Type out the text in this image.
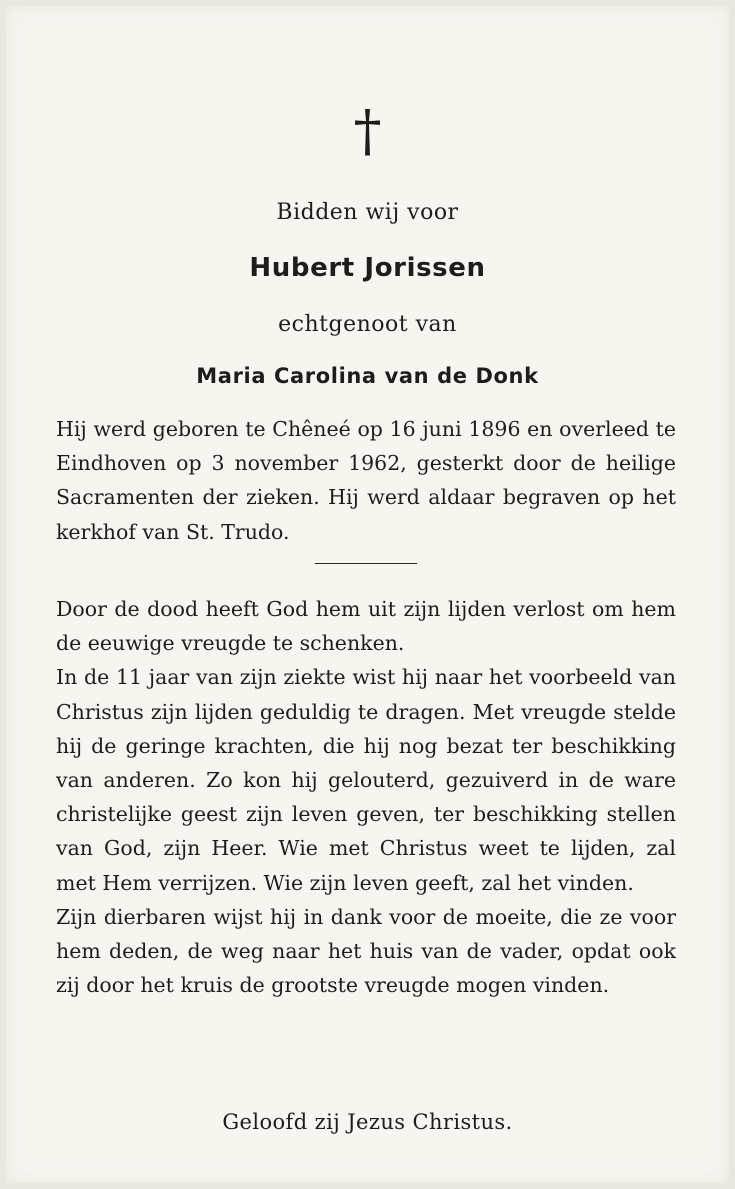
†
Bidden wij voor
Hubert Jorissen
echtgenoot van
Maria Carolina van de Donk
Hij werd geboren te Chêneé op 16 juni 1896 en overleed te Eindhoven op 3 november 1962, gesterkt door de heilige Sacramenten der zieken. Hij werd aldaar begraven op het kerkhof van St. Trudo.

Door de dood heeft God hem uit zijn lijden verlost om hem de eeuwige vreugde te schenken.

In de 11 jaar van zijn ziekte wist hij naar het voorbeeld van Christus zijn lijden geduldig te dragen. Met vreugde stelde hij de geringe krachten, die hij nog bezat ter beschikking van anderen. Zo kon hij gelouterd, gezuiverd in de ware christelijke geest zijn leven geven, ter beschikking stellen van God, zijn Heer. Wie met Christus weet te lijden, zal met Hem verrijzen. Wie zijn leven geeft, zal het vinden.

Zijn dierbaren wijst hij in dank voor de moeite, die ze voor hem deden, de weg naar het huis van de vader, opdat ook zij door het kruis de grootste vreugde mogen vinden.

Geloofd zij Jezus Christus.
